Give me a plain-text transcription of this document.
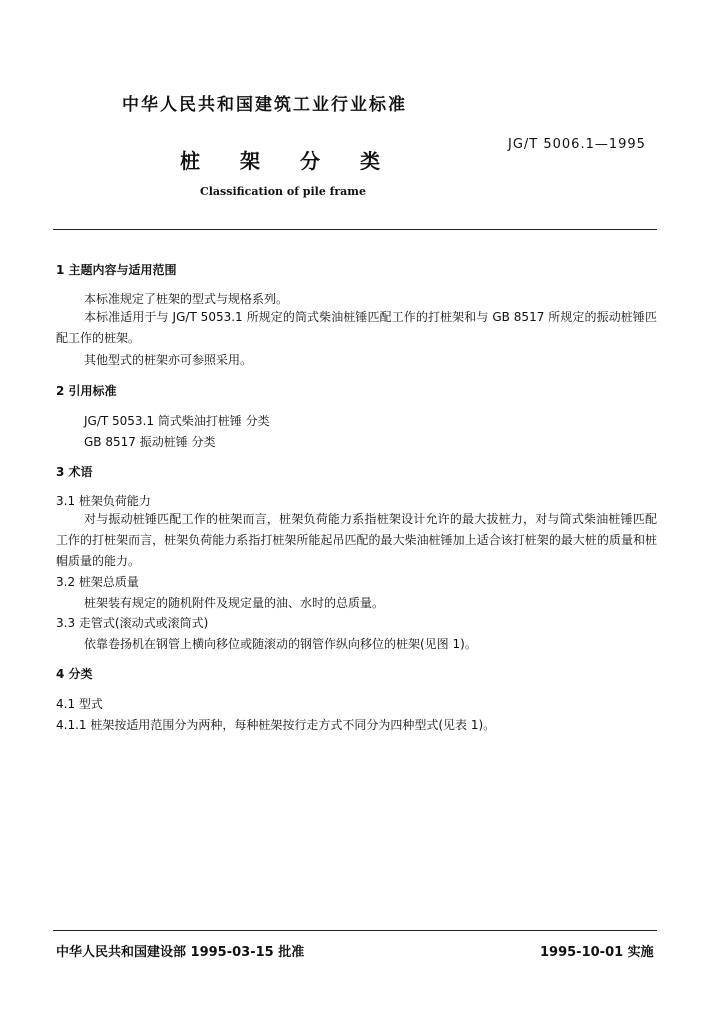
中华人民共和国建筑工业行业标准
桩 架 分 类
JG/T 5006.1—1995
Classification of pile frame
1 主题内容与适用范围
本标准规定了桩架的型式与规格系列。
本标准适用于与 JG/T 5053.1 所规定的筒式柴油桩锤匹配工作的打桩架和与 GB 8517 所规定的振动桩锤匹配工作的桩架。
其他型式的桩架亦可参照采用。
2 引用标准
JG/T 5053.1 筒式柴油打桩锤 分类
GB 8517 振动桩锤 分类
3 术语
3.1 桩架负荷能力
对与振动桩锤匹配工作的桩架而言，桩架负荷能力系指桩架设计允许的最大拔桩力，对与筒式柴油桩锤匹配工作的打桩架而言，桩架负荷能力系指打桩架所能起吊匹配的最大柴油桩锤加上适合该打桩架的最大桩的质量和桩帽质量的能力。
3.2 桩架总质量
桩架装有规定的随机附件及规定量的油、水时的总质量。
3.3 走管式(滚动式或滚筒式)
依靠卷扬机在钢管上横向移位或随滚动的钢管作纵向移位的桩架(见图 1)。
4 分类
4.1 型式
4.1.1 桩架按适用范围分为两种，每种桩架按行走方式不同分为四种型式(见表 1)。
中华人民共和国建设部 1995-03-15 批准	1995-10-01 实施
